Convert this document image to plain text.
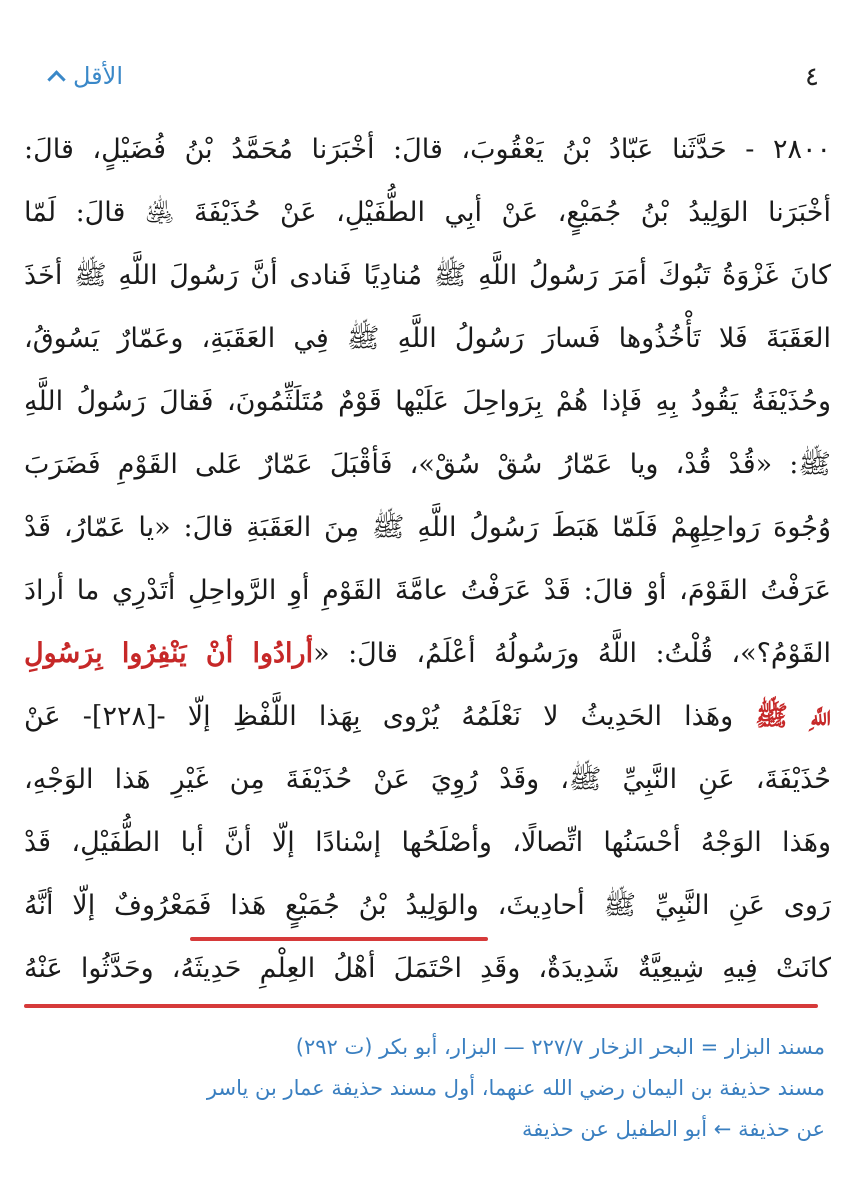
الأقل	٤
٢٨٠٠ - حَدَّثَنا عَبّادُ بْنُ يَعْقُوبَ، قالَ: أخْبَرَنا مُحَمَّدُ بْنُ فُضَيْلٍ، قالَ:
أخْبَرَنا الوَلِيدُ بْنُ جُمَيْعٍ، عَنْ أبِي الطُّفَيْلِ، عَنْ حُذَيْفَةَ ﵁ قالَ: لَمّا
كانَ غَزْوَةُ تَبُوكَ أمَرَ رَسُولُ اللَّهِ ﷺ مُنادِيًا فَنادى أنَّ رَسُولَ اللَّهِ ﷺ أخَذَ
العَقَبَةَ فَلا تَأْخُذُوها فَسارَ رَسُولُ اللَّهِ ﷺ فِي العَقَبَةِ، وعَمّارٌ يَسُوقُ،
وحُذَيْفَةُ يَقُودُ بِهِ فَإذا هُمْ بِرَواحِلَ عَلَيْها قَوْمٌ مُتَلَثِّمُونَ، فَقالَ رَسُولُ اللَّهِ
ﷺ: «قُدْ قُدْ، ويا عَمّارُ سُقْ سُقْ»، فَأقْبَلَ عَمّارٌ عَلى القَوْمِ فَضَرَبَ
وُجُوهَ رَواحِلِهِمْ فَلَمّا هَبَطَ رَسُولُ اللَّهِ ﷺ مِنَ العَقَبَةِ قالَ: «يا عَمّارُ، قَدْ
عَرَفْتُ القَوْمَ، أوْ قالَ: قَدْ عَرَفْتُ عامَّةَ القَوْمِ أوِ الرَّواحِلِ أتَدْرِي ما أرادَ
القَوْمُ؟»، قُلْتُ: اللَّهُ ورَسُولُهُ أعْلَمُ، قالَ: «أرادُوا أنْ يَنْفِرُوا بِرَسُولِ
اللَّهِ ﷺ وهَذا الحَدِيثُ لا نَعْلَمُهُ يُرْوى بِهَذا اللَّفْظِ إلّا -[٢٢٨]- عَنْ
حُذَيْفَةَ، عَنِ النَّبِيِّ ﷺ، وقَدْ رُوِيَ عَنْ حُذَيْفَةَ مِن غَيْرِ هَذا الوَجْهِ،
وهَذا الوَجْهُ أحْسَنُها اتِّصالًا، وأصْلَحُها إسْنادًا إلّا أنَّ أبا الطُّفَيْلِ، قَدْ
رَوى عَنِ النَّبِيِّ ﷺ أحادِيثَ، والوَلِيدُ بْنُ جُمَيْعٍ هَذا فَمَعْرُوفٌ إلّا أنَّهُ
كانَتْ فِيهِ شِيعِيَّةٌ شَدِيدَةٌ، وقَدِ احْتَمَلَ أهْلُ العِلْمِ حَدِيثَهُ، وحَدَّثُوا عَنْهُ
مسند البزار = البحر الزخار ٢٢٧/٧ — البزار، أبو بكر (ت ٢٩٢)
مسند حذيفة بن اليمان رضي الله عنهما، أول مسند حذيفة عمار بن ياسر
عن حذيفة ← أبو الطفيل عن حذيفة
